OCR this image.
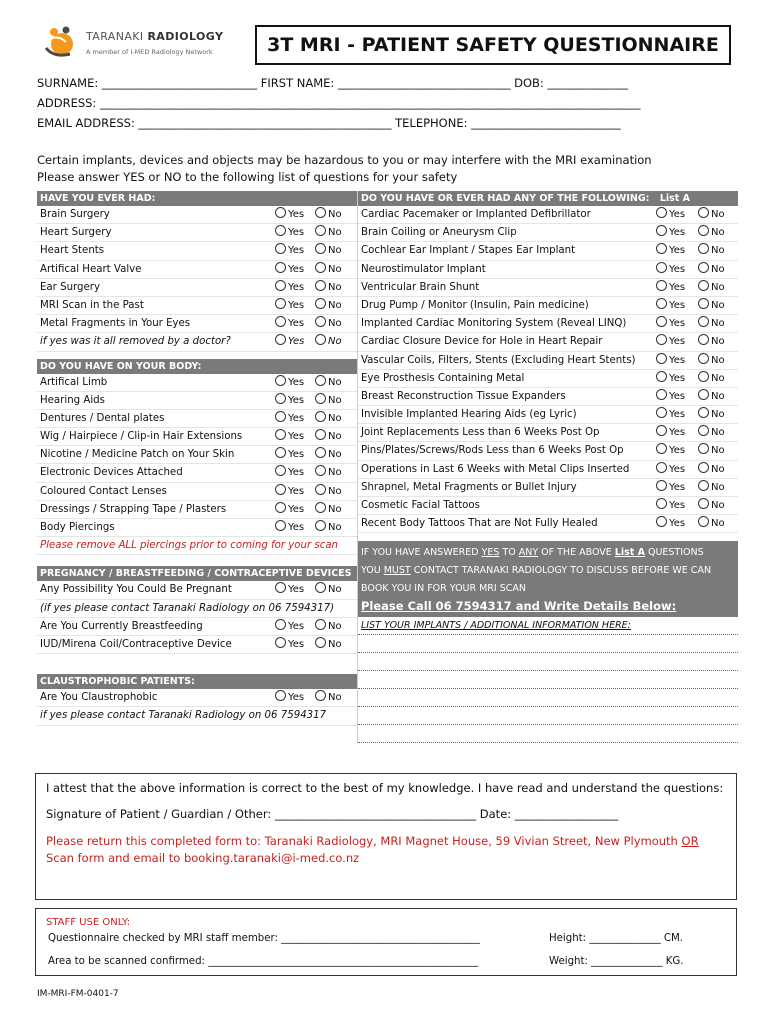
TARANAKI RADIOLOGY
A member of I-MED Radiology Network	3T MRI - PATIENT SAFETY QUESTIONNAIRE
SURNAME: ___________________________ FIRST NAME: ______________________________ DOB: ______________
ADDRESS: ______________________________________________________________________________________________
EMAIL ADDRESS: ____________________________________________ TELEPHONE: __________________________
Certain implants, devices and objects may be hazardous to you or may interfere with the MRI examination
Please answer YES or NO to the following list of questions for your safety
HAVE YOU EVER HAD:
Brain Surgery	Yes	No
Heart Surgery	Yes	No
Heart Stents	Yes	No
Artifical Heart Valve	Yes	No
Ear Surgery	Yes	No
MRI Scan in the Past	Yes	No
Metal Fragments in Your Eyes	Yes	No
if yes was it all removed by a doctor?	Yes	No
DO YOU HAVE ON YOUR BODY:
Artifical Limb	Yes	No
Hearing Aids	Yes	No
Dentures / Dental plates	Yes	No
Wig / Hairpiece / Clip-in Hair Extensions	Yes	No
Nicotine / Medicine Patch on Your Skin	Yes	No
Electronic Devices Attached	Yes	No
Coloured Contact Lenses	Yes	No
Dressings / Strapping Tape / Plasters	Yes	No
Body Piercings	Yes	No
Please remove ALL piercings prior to coming for your scan
PREGNANCY / BREASTFEEDING / CONTRACEPTIVE DEVICES
Any Possibility You Could Be Pregnant	Yes	No
(if yes please contact Taranaki Radiology on 06 7594317)
Are You Currently Breastfeeding	Yes	No
IUD/Mirena Coil/Contraceptive Device	Yes	No
CLAUSTROPHOBIC PATIENTS:
Are You Claustrophobic	Yes	No
if yes please contact Taranaki Radiology on 06 7594317
DO YOU HAVE OR EVER HAD ANY OF THE FOLLOWING: List A
Cardiac Pacemaker or Implanted Defibrillator	Yes	No
Brain Coiling or Aneurysm Clip	Yes	No
Cochlear Ear Implant / Stapes Ear Implant	Yes	No
Neurostimulator Implant	Yes	No
Ventricular Brain Shunt	Yes	No
Drug Pump / Monitor (Insulin, Pain medicine)	Yes	No
Implanted Cardiac Monitoring System (Reveal LINQ)	Yes	No
Cardiac Closure Device for Hole in Heart Repair	Yes	No
Vascular Coils, Filters, Stents (Excluding Heart Stents)	Yes	No
Eye Prosthesis Containing Metal	Yes	No
Breast Reconstruction Tissue Expanders	Yes	No
Invisible Implanted Hearing Aids (eg Lyric)	Yes	No
Joint Replacements Less than 6 Weeks Post Op	Yes	No
Pins/Plates/Screws/Rods Less than 6 Weeks Post Op	Yes	No
Operations in Last 6 Weeks with Metal Clips Inserted	Yes	No
Shrapnel, Metal Fragments or Bullet Injury	Yes	No
Cosmetic Facial Tattoos	Yes	No
Recent Body Tattoos That are Not Fully Healed	Yes	No
IF YOU HAVE ANSWERED YES TO ANY OF THE ABOVE List A QUESTIONS
YOU MUST CONTACT TARANAKI RADIOLOGY TO DISCUSS BEFORE WE CAN
BOOK YOU IN FOR YOUR MRI SCAN
Please Call 06 7594317 and Write Details Below:
LIST YOUR IMPLANTS / ADDITIONAL INFORMATION HERE:
I attest that the above information is correct to the best of my knowledge. I have read and understand the questions:
Signature of Patient / Guardian / Other: ___________________________________ Date: __________________
Please return this completed form to: Taranaki Radiology, MRI Magnet House, 59 Vivian Street, New Plymouth OR
Scan form and email to booking.taranaki@i-med.co.nz
STAFF USE ONLY:
Questionnaire checked by MRI staff member: _______________________________________
Area to be scanned confirmed: _____________________________________________________
Height: ______________ CM.
Weight: ______________ KG.
IM-MRI-FM-0401-7
